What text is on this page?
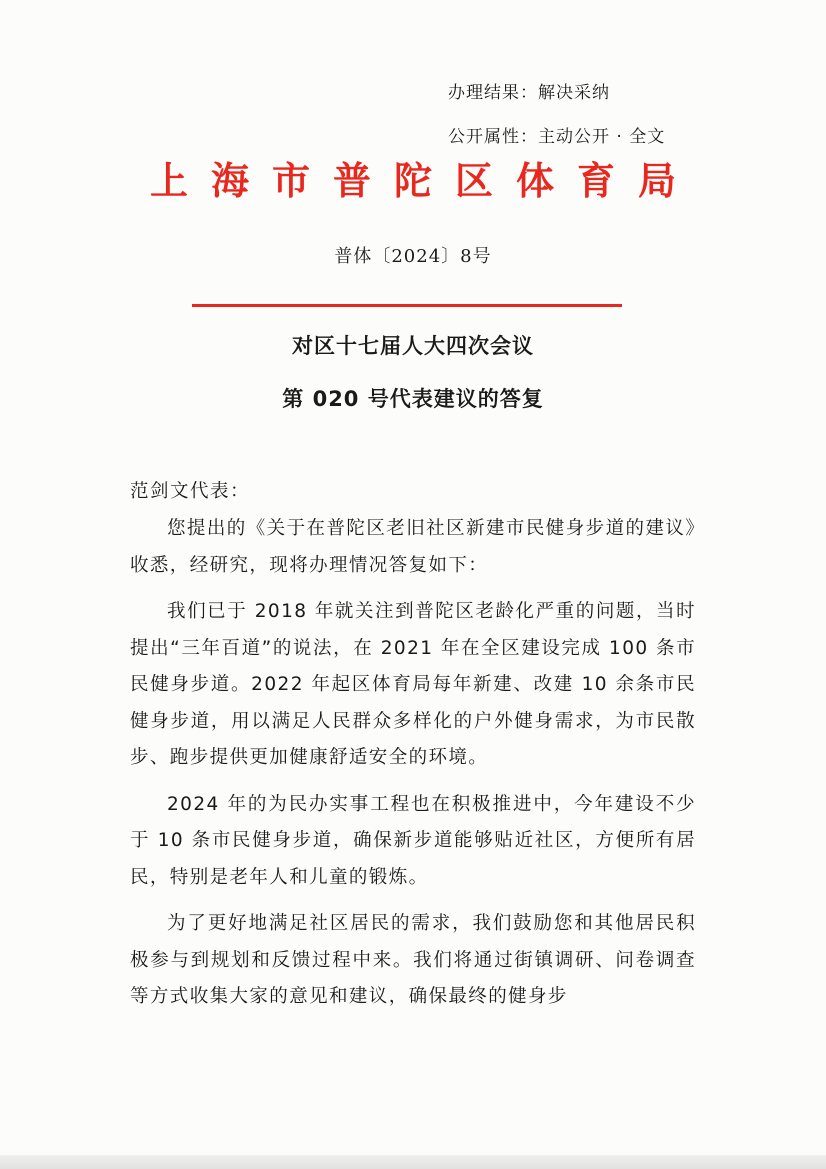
办理结果：解决采纳
公开属性：主动公开 · 全文
上海市普陀区体育局
普体〔2024〕8号
对区十七届人大四次会议
第 020 号代表建议的答复
范剑文代表：

您提出的《关于在普陀区老旧社区新建市民健身步道的建议》收悉，经研究，现将办理情况答复如下：

我们已于 2018 年就关注到普陀区老龄化严重的问题，当时提出“三年百道”的说法，在 2021 年在全区建设完成 100 条市民健身步道。2022 年起区体育局每年新建、改建 10 余条市民健身步道，用以满足人民群众多样化的户外健身需求，为市民散步、跑步提供更加健康舒适安全的环境。

2024 年的为民办实事工程也在积极推进中，今年建设不少于 10 条市民健身步道，确保新步道能够贴近社区，方便所有居民，特别是老年人和儿童的锻炼。

为了更好地满足社区居民的需求，我们鼓励您和其他居民积极参与到规划和反馈过程中来。我们将通过街镇调研、问卷调查等方式收集大家的意见和建议，确保最终的健身步
